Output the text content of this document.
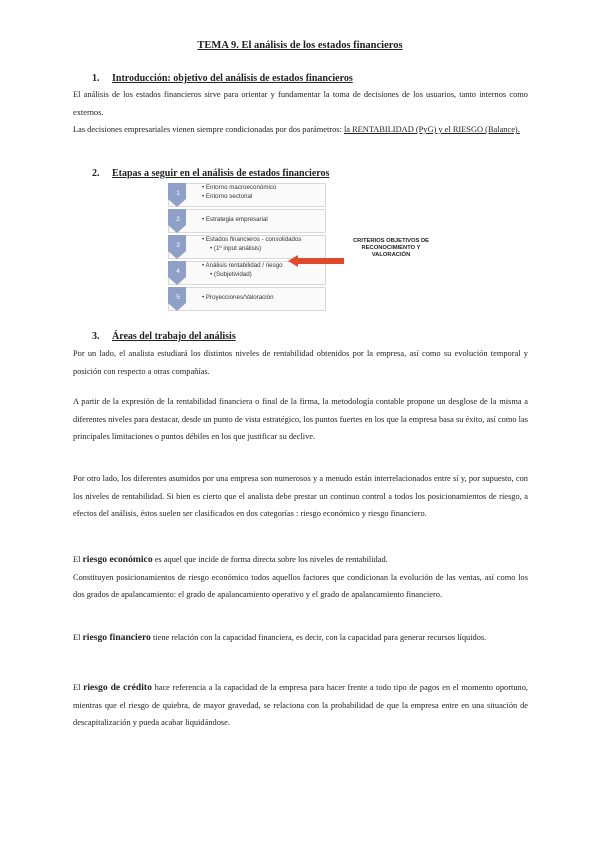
TEMA 9. El análisis de los estados financieros
1. Introducción: objetivo del análisis de estados financieros
El análisis de los estados financieros sirve para orientar y fundamentar la toma de decisiones de los usuarios, tanto internos como externos.
Las decisiones empresariales vienen siempre condicionadas por dos parámetros: la RENTABILIDAD (PyG) y el RIESGO (Balance).
2. Etapas a seguir en el análisis de estados financieros
1
• Entorno macroeconómico
• Entorno sectorial
2	• Estrategia empresarial
3
• Estados financieros - consolidados
• (1º input análisis)
4
• Análisis rentabilidad / riesgo
• (Subjetividad)
5	• Proyecciones/Valoración
CRITERIOS OBJETIVOS DE RECONOCIMIENTO Y VALORACIÓN
3. Áreas del trabajo del análisis
Por un lado, el analista estudiará los distintos niveles de rentabilidad obtenidos por la empresa, así como su evolución temporal y posición con respecto a otras compañías.
A partir de la expresión de la rentabilidad financiera o final de la firma, la metodología contable propone un desglose de la misma a diferentes niveles para destacar, desde un punto de vista estratégico, los puntos fuertes en los que la empresa basa su éxito, así como las principales limitaciones o puntos débiles en los que justificar su declive.
Por otro lado, los diferentes asumidos por una empresa son numerosos y a menudo están interrelacionados entre sí y, por supuesto, con los niveles de rentabilidad. Si bien es cierto que el analista debe prestar un continuo control a todos los posicionamientos de riesgo, a efectos del análisis, éstos suelen ser clasificados en dos categorías : riesgo económico y riesgo financiero.
El riesgo económico es aquel que incide de forma directa sobre los niveles de rentabilidad.
Constituyen posicionamientos de riesgo económico todos aquellos factores que condicionan la evolución de las ventas, así como los dos grados de apalancamiento: el grado de apalancamiento operativo y el grado de apalancamiento financiero.
El riesgo financiero tiene relación con la capacidad financiera, es decir, con la capacidad para generar recursos líquidos.
El riesgo de crédito hace referencia a la capacidad de la empresa para hacer frente a todo tipo de pagos en el momento oportuno, mientras que el riesgo de quiebra, de mayor gravedad, se relaciona con la probabilidad de que la empresa entre en una situación de descapitalización y pueda acabar liquidándose.
